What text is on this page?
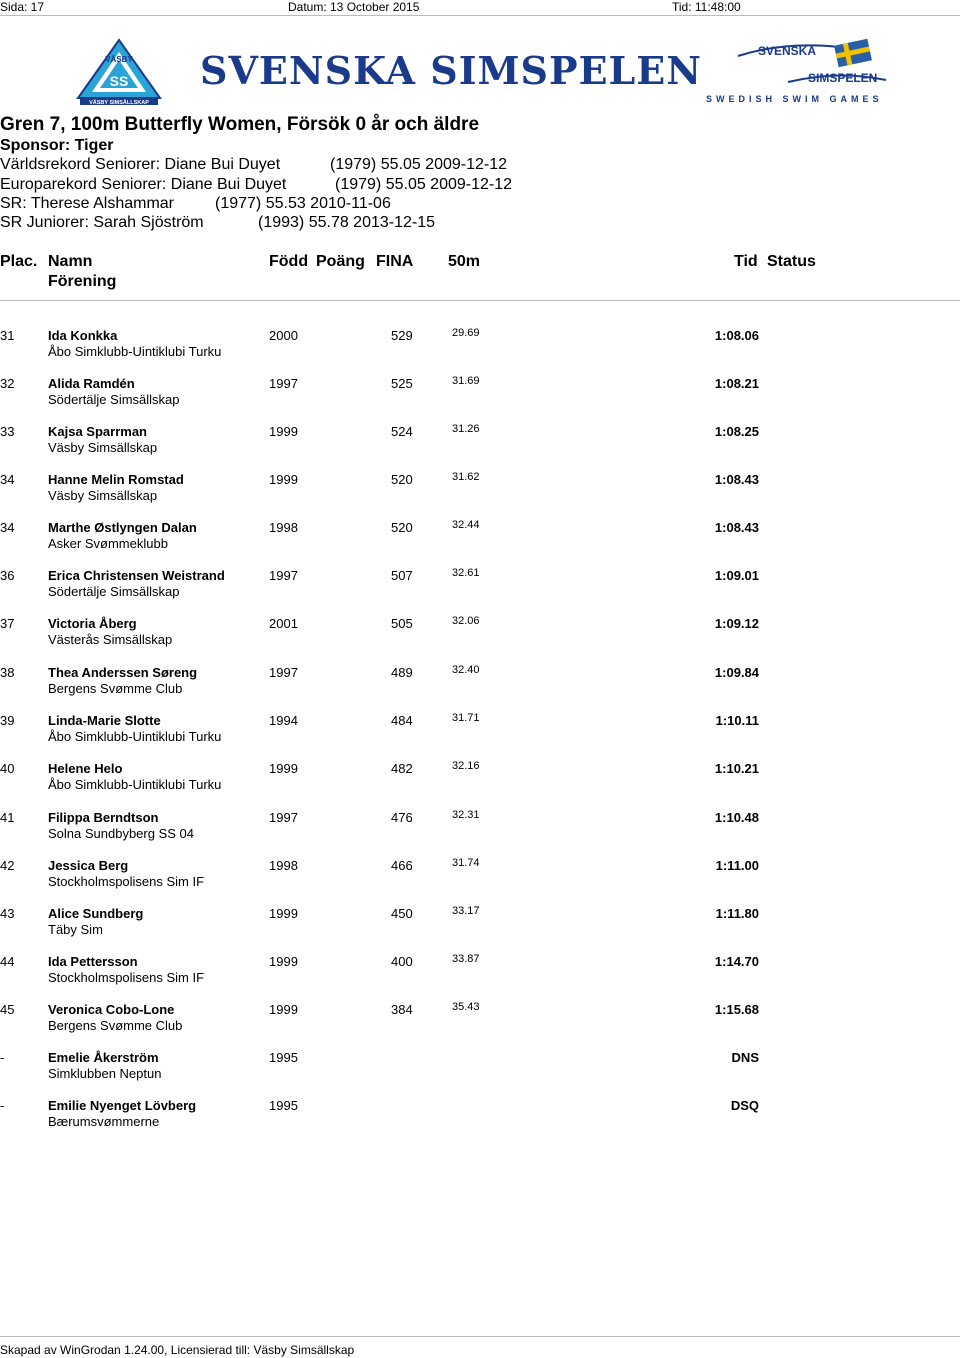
Sida: 17	Datum: 13 October 2015	Tid: 11:48:00
VÄSBY
SS
VÄSBY SIMSÄLLSKAP
SVENSKA SIMSPELEN	SVENSKA
SIMSPELEN
SWEDISH SWIM GAMES
Gren 7, 100m Butterfly Women, Försök 0 år och äldre
Sponsor: Tiger
Världsrekord Seniorer: Diane Bui Duyet	(1979) 55.05 2009-12-12
Europarekord Seniorer: Diane Bui Duyet	(1979) 55.05 2009-12-12
SR: Therese Alshammar	(1977) 55.53 2010-11-06
SR Juniorer: Sarah Sjöström	(1993) 55.78 2013-12-15
Plac. Namn
Förening
Född Poäng FINA 50m	Tid Status
31	Ida Konkka
Åbo Simklubb-Uintiklubi Turku
2000	529	29.69	1:08.06
32	Alida Ramdén
Södertälje Simsällskap
1997	525	31.69	1:08.21
33	Kajsa Sparrman
Väsby Simsällskap
1999	524	31.26	1:08.25
34	Hanne Melin Romstad
Väsby Simsällskap
1999	520	31.62	1:08.43
34	Marthe Østlyngen Dalan
Asker Svømmeklubb
1998	520	32.44	1:08.43
36	Erica Christensen Weistrand
Södertälje Simsällskap
1997	507	32.61	1:09.01
37	Victoria Åberg
Västerås Simsällskap
2001	505	32.06	1:09.12
38	Thea Anderssen Søreng
Bergens Svømme Club
1997	489	32.40	1:09.84
39	Linda-Marie Slotte
Åbo Simklubb-Uintiklubi Turku
1994	484	31.71	1:10.11
40	Helene Helo
Åbo Simklubb-Uintiklubi Turku
1999	482	32.16	1:10.21
41	Filippa Berndtson
Solna Sundbyberg SS 04
1997	476	32.31	1:10.48
42	Jessica Berg
Stockholmspolisens Sim IF
1998	466	31.74	1:11.00
43	Alice Sundberg
Täby Sim
1999	450	33.17	1:11.80
44	Ida Pettersson
Stockholmspolisens Sim IF
1999	400	33.87	1:14.70
45	Veronica Cobo-Lone
Bergens Svømme Club
1999	384	35.43	1:15.68
-	Emelie Åkerström
Simklubben Neptun
1995	DNS
-	Emilie Nyenget Lövberg
Bærumsvømmerne
1995	DSQ
Skapad av WinGrodan 1.24.00, Licensierad till: Väsby Simsällskap
